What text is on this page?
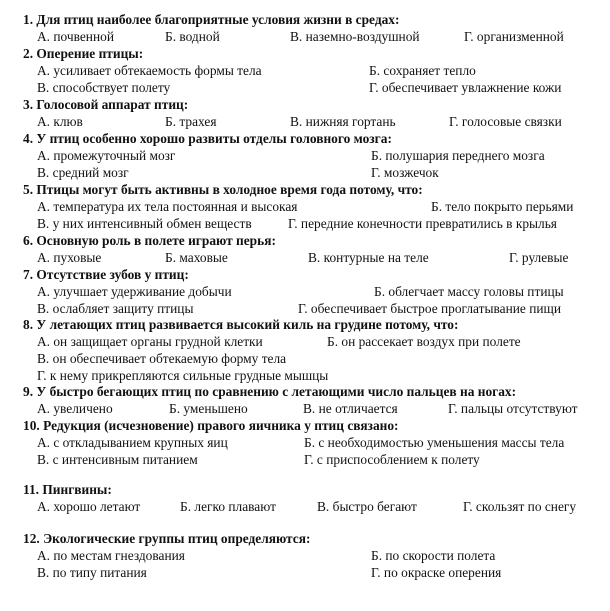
1. Для птиц наиболее благоприятные условия жизни в средах:
А. почвенной	Б. водной	В. наземно-воздушной	Г. организменной
2. Оперение птицы:
А. усиливает обтекаемость формы тела	Б. сохраняет тепло
В. способствует полету	Г. обеспечивает увлажнение кожи
3. Голосовой аппарат птиц:
А. клюв	Б. трахея	В. нижняя гортань	Г. голосовые связки
4. У птиц особенно хорошо развиты отделы головного мозга:
А. промежуточный мозг	Б. полушария переднего мозга
В. средний мозг	Г. мозжечок
5. Птицы могут быть активны в холодное время года потому, что:
А. температура их тела постоянная и высокая	Б. тело покрыто перьями
В. у них интенсивный обмен веществ	Г. передние конечности превратились в крылья
6. Основную роль в полете играют перья:
А. пуховые	Б. маховые	В. контурные на теле	Г. рулевые
7. Отсутствие зубов у птиц:
А. улучшает удерживание добычи	Б. облегчает массу головы птицы
В. ослабляет защиту птицы	Г. обеспечивает быстрое проглатывание пищи
8. У летающих птиц развивается высокий киль на грудине потому, что:
А. он защищает органы грудной клетки	Б. он рассекает воздух при полете
В. он обеспечивает обтекаемую форму тела
Г. к нему прикрепляются сильные грудные мышцы
9. У быстро бегающих птиц по сравнению с летающими число пальцев на ногах:
А. увеличено	Б. уменьшено	В. не отличается	Г. пальцы отсутствуют
10. Редукция (исчезновение) правого яичника у птиц связано:
А. с откладыванием крупных яиц	Б. с необходимостью уменьшения массы тела
В. с интенсивным питанием	Г. с приспособлением к полету
11. Пингвины:
А. хорошо летают	Б. легко плавают	В. быстро бегают	Г. скользят по снегу
12. Экологические группы птиц определяются:
А. по местам гнездования	Б. по скорости полета
В. по типу питания	Г. по окраске оперения
